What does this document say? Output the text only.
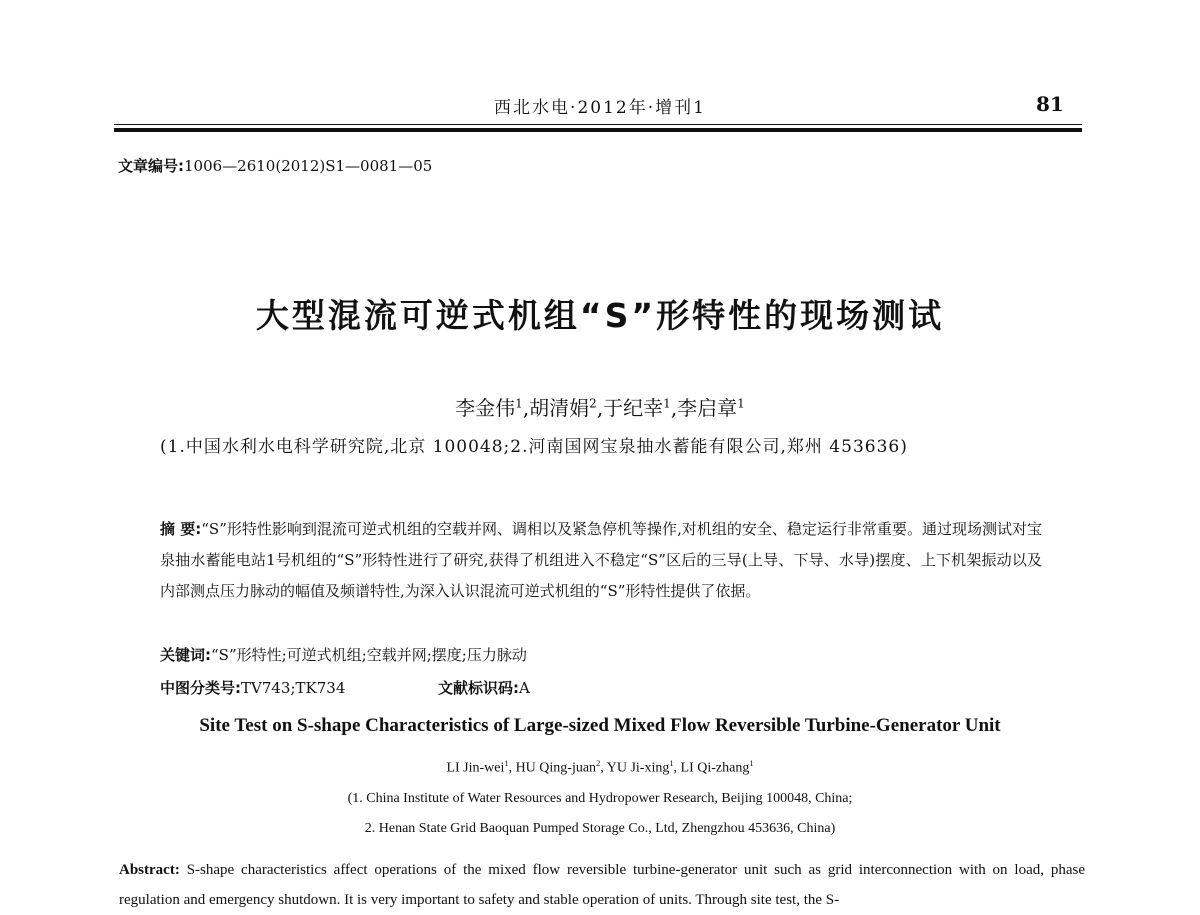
西北水电·2012年·增刊1	81
文章编号:1006—2610(2012)S1—0081—05
大型混流可逆式机组“S”形特性的现场测试
李金伟$^1$,胡清娟$^2$,于纪幸$^1$,李启章$^1$
(1.中国水利水电科学研究院,北京 100048;2.河南国网宝泉抽水蓄能有限公司,郑州 453636)
摘 要:“S”形特性影响到混流可逆式机组的空载并网、调相以及紧急停机等操作,对机组的安全、稳定运行非常重要。通过现场测试对宝泉抽水蓄能电站1号机组的“S”形特性进行了研究,获得了机组进入不稳定“S”区后的三导(上导、下导、水导)摆度、上下机架振动以及内部测点压力脉动的幅值及频谱特性,为深入认识混流可逆式机组的“S”形特性提供了依据。
关键词:“S”形特性;可逆式机组;空载并网;摆度;压力脉动
中图分类号:TV743;TK734	文献标识码:A
Site Test on S-shape Characteristics of Large-sized Mixed Flow Reversible Turbine-Generator Unit
LI Jin-wei$^1$, HU Qing-juan$^2$, YU Ji-xing$^1$, LI Qi-zhang$^1$
(1. China Institute of Water Resources and Hydropower Research, Beijing 100048, China;
2. Henan State Grid Baoquan Pumped Storage Co., Ltd, Zhengzhou 453636, China)
Abstract: S-shape characteristics affect operations of the mixed flow reversible turbine-generator unit such as grid interconnection with on load, phase regulation and emergency shutdown. It is very important to safety and stable operation of units. Through site test, the S-
